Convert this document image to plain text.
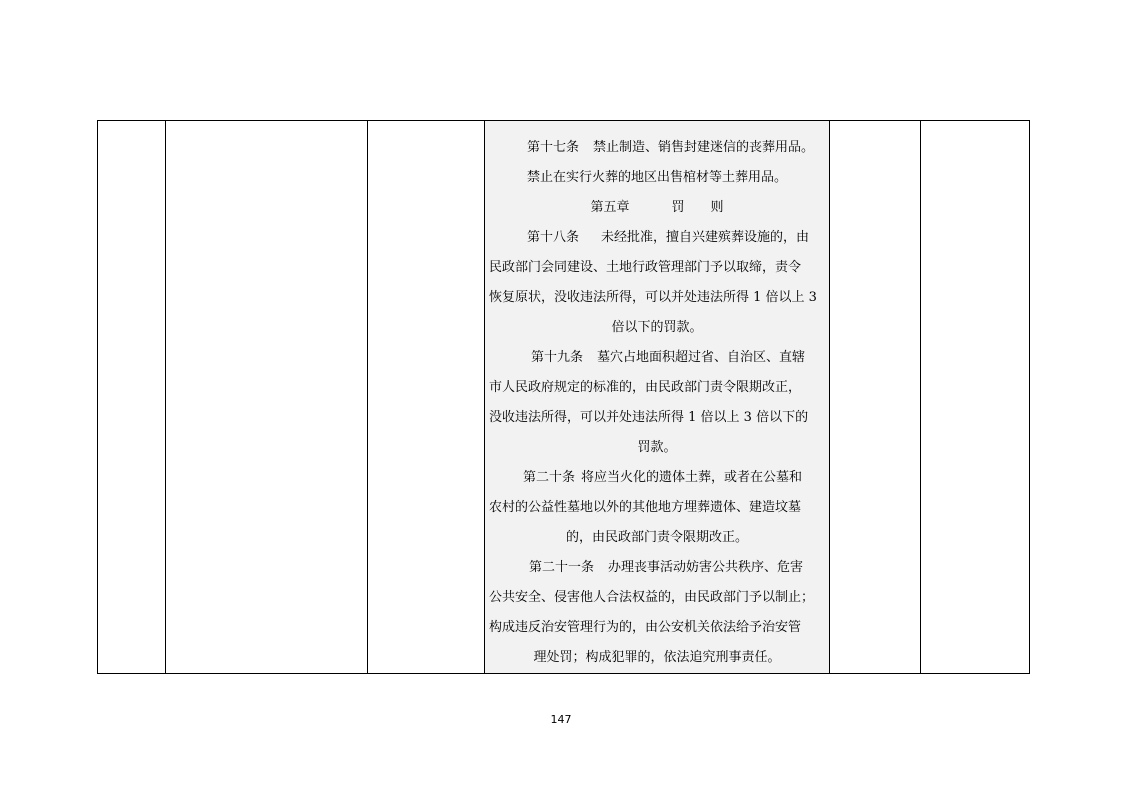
第十七条 禁止制造、销售封建迷信的丧葬用品。
禁止在实行火葬的地区出售棺材等土葬用品。
第五章	罚　　则
第十八条 未经批准，擅自兴建殡葬设施的，由
民政部门会同建设、土地行政管理部门予以取缔，责令
恢复原状，没收违法所得，可以并处违法所得 1 倍以上 3
倍以下的罚款。
第十九条 墓穴占地面积超过省、自治区、直辖
市人民政府规定的标准的，由民政部门责令限期改正，
没收违法所得，可以并处违法所得 1 倍以上 3 倍以下的
罚款。
第二十条 将应当火化的遗体土葬，或者在公墓和
农村的公益性墓地以外的其他地方埋葬遗体、建造坟墓
的，由民政部门责令限期改正。
第二十一条 办理丧事活动妨害公共秩序、危害
公共安全、侵害他人合法权益的，由民政部门予以制止；
构成违反治安管理行为的，由公安机关依法给予治安管
理处罚；构成犯罪的，依法追究刑事责任。

147
